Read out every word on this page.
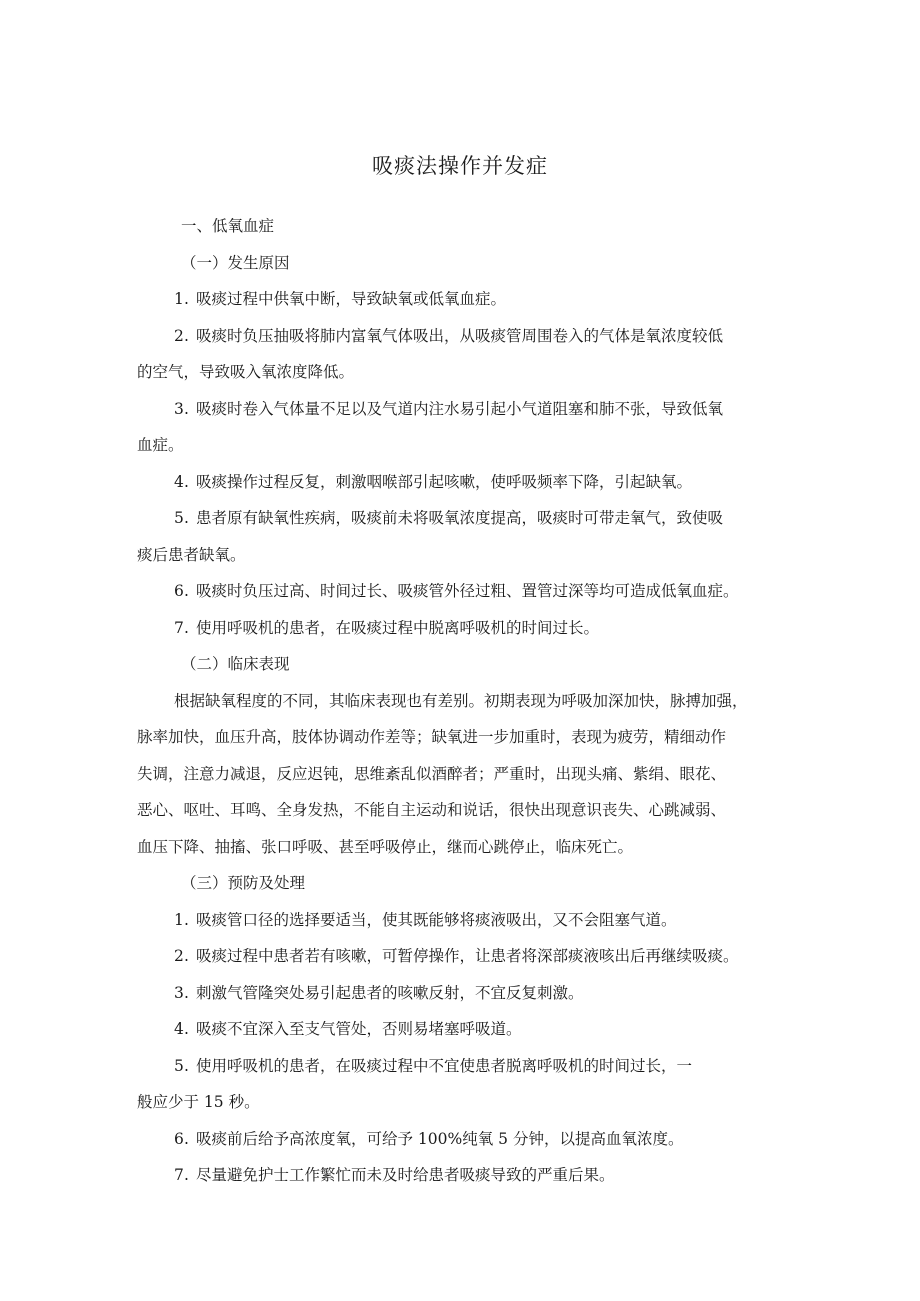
吸痰法操作并发症
一、低氧血症
（一）发生原因
1. 吸痰过程中供氧中断，导致缺氧或低氧血症。
2. 吸痰时负压抽吸将肺内富氧气体吸出，从吸痰管周围卷入的气体是氧浓度较低
的空气，导致吸入氧浓度降低。
3. 吸痰时卷入气体量不足以及气道内注水易引起小气道阻塞和肺不张，导致低氧
血症。
4. 吸痰操作过程反复，刺激咽喉部引起咳嗽，使呼吸频率下降，引起缺氧。
5. 患者原有缺氧性疾病，吸痰前未将吸氧浓度提高，吸痰时可带走氧气，致使吸
痰后患者缺氧。
6. 吸痰时负压过高、时间过长、吸痰管外径过粗、置管过深等均可造成低氧血症。
7. 使用呼吸机的患者，在吸痰过程中脱离呼吸机的时间过长。
（二）临床表现
根据缺氧程度的不同，其临床表现也有差别。初期表现为呼吸加深加快，脉搏加强，
脉率加快，血压升高，肢体协调动作差等；缺氧进一步加重时，表现为疲劳，精细动作
失调，注意力减退，反应迟钝，思维紊乱似酒醉者；严重时，出现头痛、紫绢、眼花、
恶心、呕吐、耳鸣、全身发热，不能自主运动和说话，很快出现意识丧失、心跳减弱、
血压下降、抽搐、张口呼吸、甚至呼吸停止，继而心跳停止，临床死亡。
（三）预防及处理
1. 吸痰管口径的选择要适当，使其既能够将痰液吸出，又不会阻塞气道。
2. 吸痰过程中患者若有咳嗽，可暂停操作，让患者将深部痰液咳出后再继续吸痰。
3. 刺激气管隆突处易引起患者的咳嗽反射，不宜反复刺激。
4. 吸痰不宜深入至支气管处，否则易堵塞呼吸道。
5. 使用呼吸机的患者，在吸痰过程中不宜使患者脱离呼吸机的时间过长，一
般应少于 15 秒。
6. 吸痰前后给予高浓度氧，可给予 100%纯氧 5 分钟，以提高血氧浓度。
7. 尽量避免护士工作繁忙而未及时给患者吸痰导致的严重后果。
